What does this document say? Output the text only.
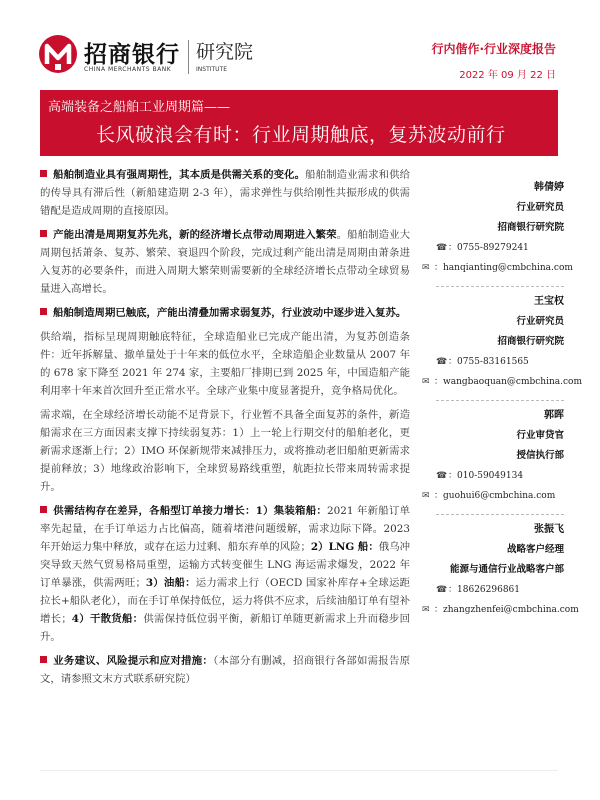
招商银行
CHINA MERCHANTS BANK
研究院
INSTITUTE
行内偕作·行业深度报告
2022 年 09 月 22 日
高端装备之船舶工业周期篇——
长风破浪会有时：行业周期触底，复苏波动前行

船舶制造业具有强周期性，其本质是供需关系的变化。船舶制造业需求和供给的传导具有滞后性（新船建造期 2-3 年），需求弹性与供给刚性共振形成的供需错配是造成周期的直接原因。

产能出清是周期复苏先兆，新的经济增长点带动周期进入繁荣。船舶制造业大周期包括萧条、复苏、繁荣、衰退四个阶段，完成过剩产能出清是周期由萧条进入复苏的必要条件，而进入周期大繁荣则需要新的全球经济增长点带动全球贸易量进入高增长。

船舶制造周期已触底，产能出清叠加需求弱复苏，行业波动中逐步进入复苏。

供给端，指标呈现周期触底特征，全球造船业已完成产能出清，为复苏创造条件：近年拆解量、撤单量处于十年来的低位水平，全球造船企业数量从 2007 年的 678 家下降至 2021 年 274 家，主要船厂排期已到 2025 年，中国造船产能利用率十年来首次回升至正常水平。全球产业集中度显著提升，竞争格局优化。

需求端，在全球经济增长动能不足背景下，行业暂不具备全面复苏的条件，新造船需求在三方面因素支撑下持续弱复苏：1）上一轮上行期交付的船舶老化，更新需求逐渐上行；2）IMO 环保新规带来减排压力，或将推动老旧船舶更新需求提前释放；3）地缘政治影响下，全球贸易路线重塑，航距拉长带来周转需求提升。

供需结构存在差异，各船型订单接力增长：1）集装箱船：2021 年新船订单率先起量，在手订单运力占比偏高，随着堵港问题缓解，需求边际下降。2023 年开始运力集中释放，或存在运力过剩、船东弃单的风险；2）LNG 船：俄乌冲突导致天然气贸易格局重塑，运输方式转变催生 LNG 海运需求爆发，2022 年订单暴涨，供需两旺；3）油船：运力需求上行（OECD 国家补库存+全球运距拉长+船队老化），而在手订单保持低位，运力将供不应求，后续油船订单有望补增长；4）干散货船：供需保持低位弱平衡，新船订单随更新需求上升而稳步回升。

业务建议、风险提示和应对措施：（本部分有删减，招商银行各部如需报告原文，请参照文末方式联系研究院）

韩倩婷
行业研究员
招商银行研究院
☎：0755-89279241
✉ ：hanqianting@cmbchina.com
王宝权
行业研究员
招商银行研究院
☎：0755-83161565
✉ ：wangbaoquan@cmbchina.com
郭晖
行业审贷官
授信执行部
☎：010-59049134
✉ ：guohui6@cmbchina.com
张振飞
战略客户经理
能源与通信行业战略客户部
☎：18626296861
✉ ：zhangzhenfei@cmbchina.com
